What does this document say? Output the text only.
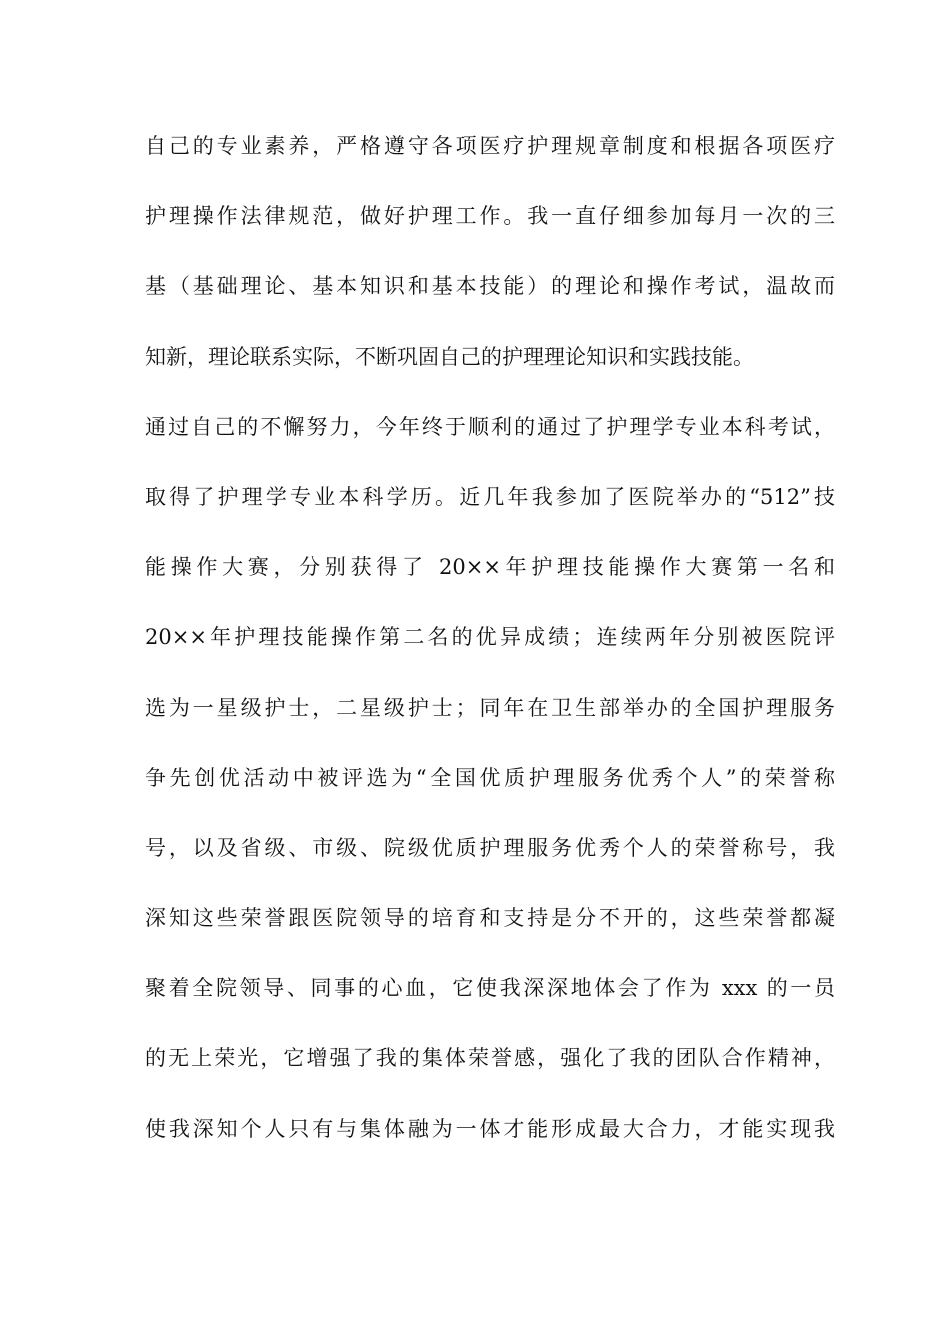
自己的专业素养，严格遵守各项医疗护理规章制度和根据各项医疗
护理操作法律规范，做好护理工作。我一直仔细参加每月一次的三
基（基础理论、基本知识和基本技能）的理论和操作考试，温故而
知新，理论联系实际，不断巩固自己的护理理论知识和实践技能。
通过自己的不懈努力，今年终于顺利的通过了护理学专业本科考试，
取得了护理学专业本科学历。近几年我参加了医院举办的“512”技
能操作大赛，分别获得了 20××年护理技能操作大赛第一名和
20××年护理技能操作第二名的优异成绩；连续两年分别被医院评
选为一星级护士，二星级护士；同年在卫生部举办的全国护理服务
争先创优活动中被评选为“全国优质护理服务优秀个人”的荣誉称
号，以及省级、市级、院级优质护理服务优秀个人的荣誉称号，我
深知这些荣誉跟医院领导的培育和支持是分不开的，这些荣誉都凝
聚着全院领导、同事的心血，它使我深深地体会了作为 xxx 的一员
的无上荣光，它增强了我的集体荣誉感，强化了我的团队合作精神，
使我深知个人只有与集体融为一体才能形成最大合力，才能实现我
